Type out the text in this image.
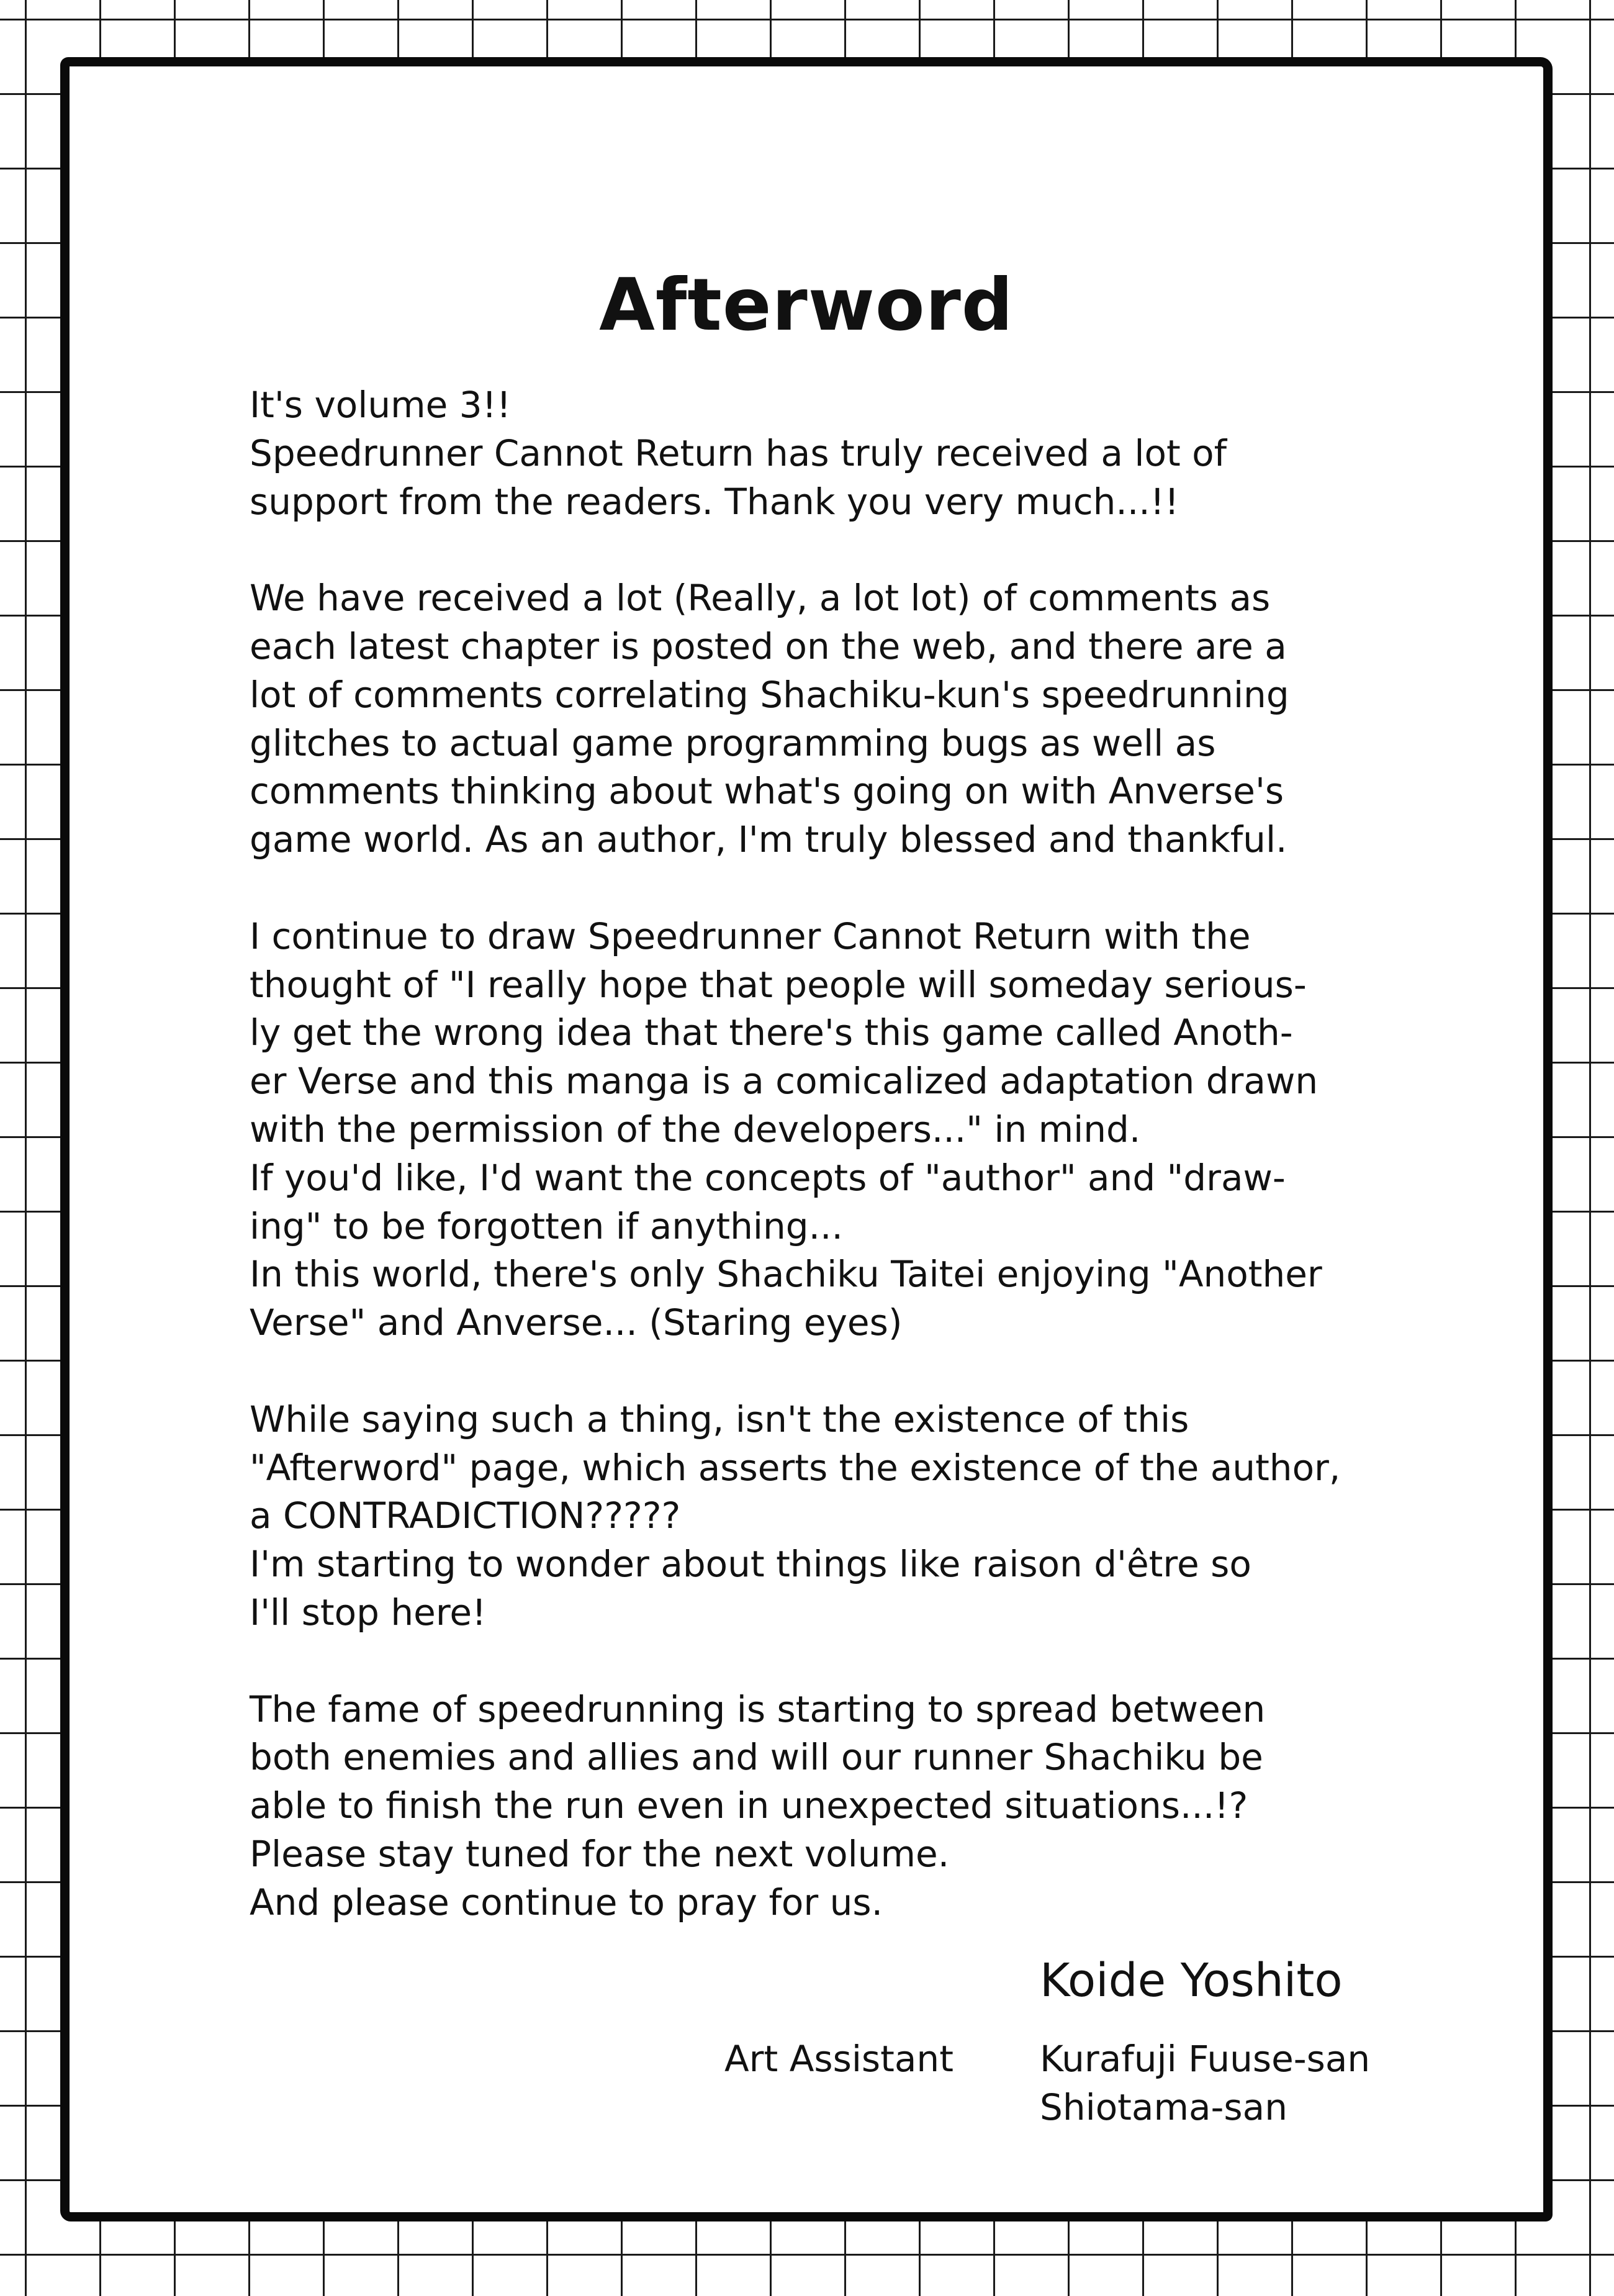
Afterword
It's volume 3!!
Speedrunner Cannot Return has truly received a lot of
support from the readers. Thank you very much...!!
We have received a lot (Really, a lot lot) of comments as
each latest chapter is posted on the web, and there are a
lot of comments correlating Shachiku-kun's speedrunning
glitches to actual game programming bugs as well as
comments thinking about what's going on with Anverse's
game world. As an author, I'm truly blessed and thankful.
I continue to draw Speedrunner Cannot Return with the
thought of "I really hope that people will someday serious-
ly get the wrong idea that there's this game called Anoth-
er Verse and this manga is a comicalized adaptation drawn
with the permission of the developers..." in mind.
If you'd like, I'd want the concepts of "author" and "draw-
ing" to be forgotten if anything...
In this world, there's only Shachiku Taitei enjoying "Another
Verse" and Anverse... (Staring eyes)
While saying such a thing, isn't the existence of this
"Afterword" page, which asserts the existence of the author,
a CONTRADICTION?????
I'm starting to wonder about things like raison d'être so
I'll stop here!
The fame of speedrunning is starting to spread between
both enemies and allies and will our runner Shachiku be
able to finish the run even in unexpected situations...!?
Please stay tuned for the next volume.
And please continue to pray for us.
Koide Yoshito
Art Assistant Kurafuji Fuuse-san
Shiotama-san
